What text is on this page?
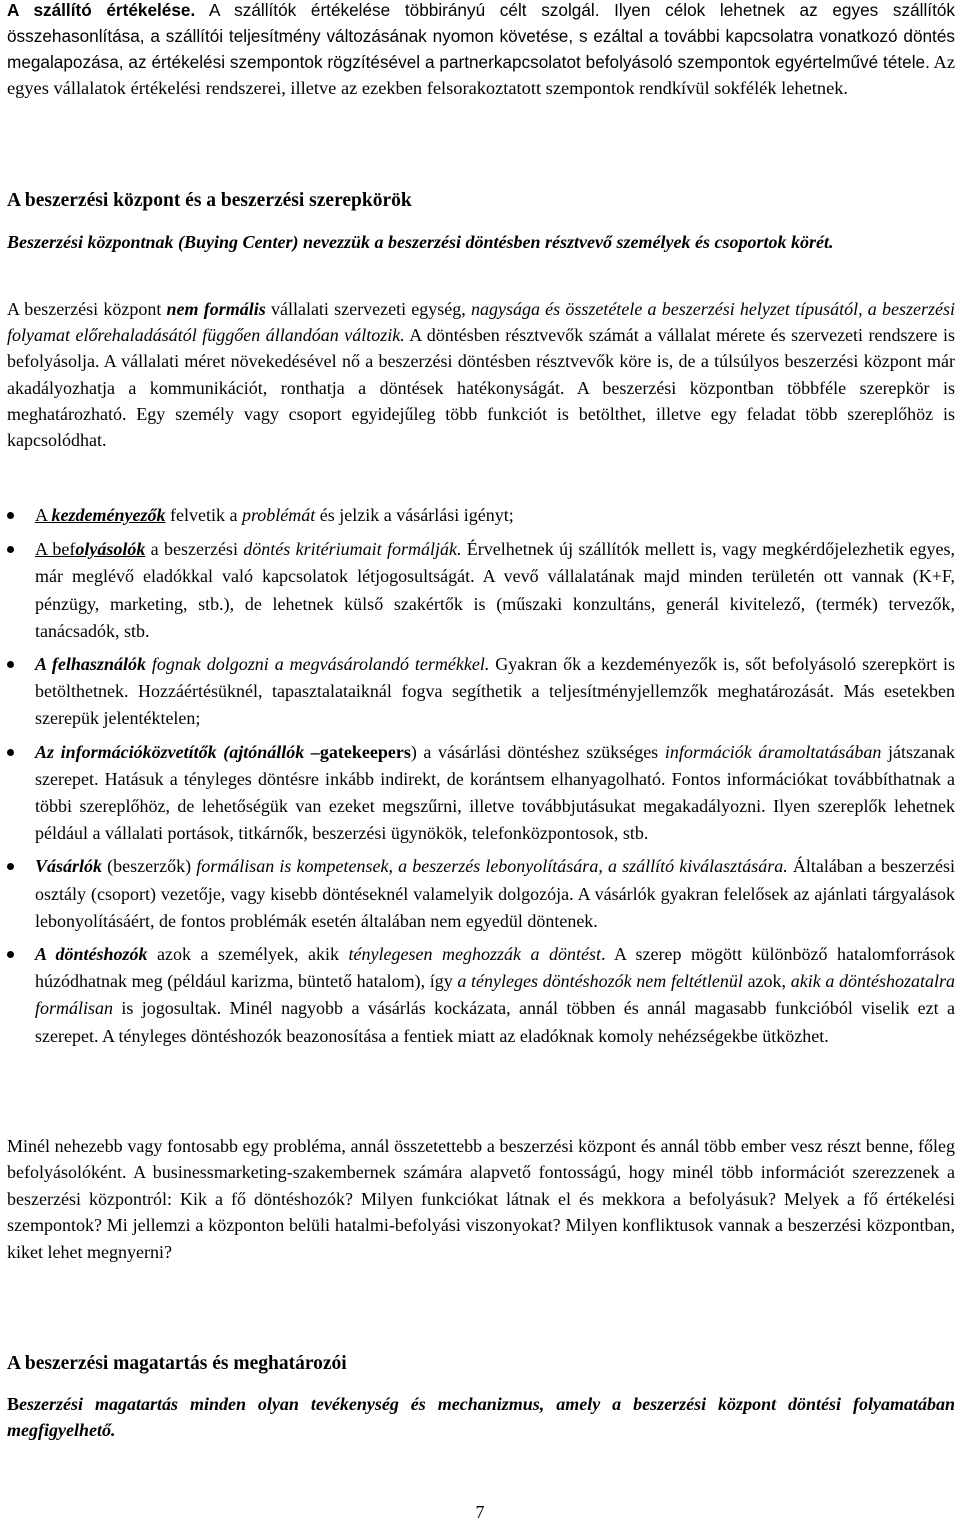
A szállító értékelése. A szállítók értékelése többirányú célt szolgál. Ilyen célok lehetnek az egyes szállítók összehasonlítása, a szállítói teljesítmény változásának nyomon követése, s ezáltal a további kapcsolatra vonatkozó döntés megalapozása, az értékelési szempontok rögzítésével a partnerkapcsolatot befolyásoló szempontok egyértelművé tétele. Az egyes vállalatok értékelési rendszerei, illetve az ezekben felsorakoztatott szempontok rendkívül sokfélék lehetnek.

A beszerzési központ és a beszerzési szerepkörök

Beszerzési központnak (Buying Center) nevezzük a beszerzési döntésben résztvevő személyek és csoportok körét.

A beszerzési központ nem formális vállalati szervezeti egység, nagysága és összetétele a beszerzési helyzet típusától, a beszerzési folyamat előrehaladásától függően állandóan változik. A döntésben résztvevők számát a vállalat mérete és szervezeti rendszere is befolyásolja. A vállalati méret növekedésével nő a beszerzési döntésben résztvevők köre is, de a túlsúlyos beszerzési központ már akadályozhatja a kommunikációt, ronthatja a döntések hatékonyságát. A beszerzési központban többféle szerepkör is meghatározható. Egy személy vagy csoport egyidejűleg több funkciót is betölthet, illetve egy feladat több szereplőhöz is kapcsolódhat.

A kezdeményezők felvetik a problémát és jelzik a vásárlási igényt;
A befolyásolók a beszerzési döntés kritériumait formálják. Érvelhetnek új szállítók mellett is, vagy megkérdőjelezhetik egyes, már meglévő eladókkal való kapcsolatok létjogosultságát. A vevő vállalatának majd minden területén ott vannak (K+F, pénzügy, marketing, stb.), de lehetnek külső szakértők is (műszaki konzultáns, generál kivitelező, (termék) tervezők, tanácsadók, stb.
A felhasználók fognak dolgozni a megvásárolandó termékkel. Gyakran ők a kezdeményezők is, sőt befolyásoló szerepkört is betölthetnek. Hozzáértésüknél, tapasztalataiknál fogva segíthetik a teljesítményjellemzők meghatározását. Más esetekben szerepük jelentéktelen;
Az információközvetítők (ajtónállók –gatekeepers) a vásárlási döntéshez szükséges információk áramoltatásában játszanak szerepet. Hatásuk a tényleges döntésre inkább indirekt, de korántsem elhanyagolható. Fontos információkat továbbíthatnak a többi szereplőhöz, de lehetőségük van ezeket megszűrni, illetve továbbjutásukat megakadályozni. Ilyen szereplők lehetnek például a vállalati portások, titkárnők, beszerzési ügynökök, telefonközpontosok, stb.
Vásárlók (beszerzők) formálisan is kompetensek, a beszerzés lebonyolítására, a szállító kiválasztására. Általában a beszerzési osztály (csoport) vezetője, vagy kisebb döntéseknél valamelyik dolgozója. A vásárlók gyakran felelősek az ajánlati tárgyalások lebonyolításáért, de fontos problémák esetén általában nem egyedül döntenek.
A döntéshozók azok a személyek, akik ténylegesen meghozzák a döntést. A szerep mögött különböző hatalomforrások húzódhatnak meg (például karizma, büntető hatalom), így a tényleges döntéshozók nem feltétlenül azok, akik a döntéshozatalra formálisan is jogosultak. Minél nagyobb a vásárlás kockázata, annál többen és annál magasabb funkcióból viselik ezt a szerepet. A tényleges döntéshozók beazonosítása a fentiek miatt az eladóknak komoly nehézségekbe ütközhet.

Minél nehezebb vagy fontosabb egy probléma, annál összetettebb a beszerzési központ és annál több ember vesz részt benne, főleg befolyásolóként. A businessmarketing-szakembernek számára alapvető fontosságú, hogy minél több információt szerezzenek a beszerzési központról: Kik a fő döntéshozók? Milyen funkciókat látnak el és mekkora a befolyásuk? Melyek a fő értékelési szempontok? Mi jellemzi a központon belüli hatalmi-befolyási viszonyokat? Milyen konfliktusok vannak a beszerzési központban, kiket lehet megnyerni?

A beszerzési magatartás és meghatározói

Beszerzési magatartás minden olyan tevékenység és mechanizmus, amely a beszerzési központ döntési folyamatában megfigyelhető.

7
